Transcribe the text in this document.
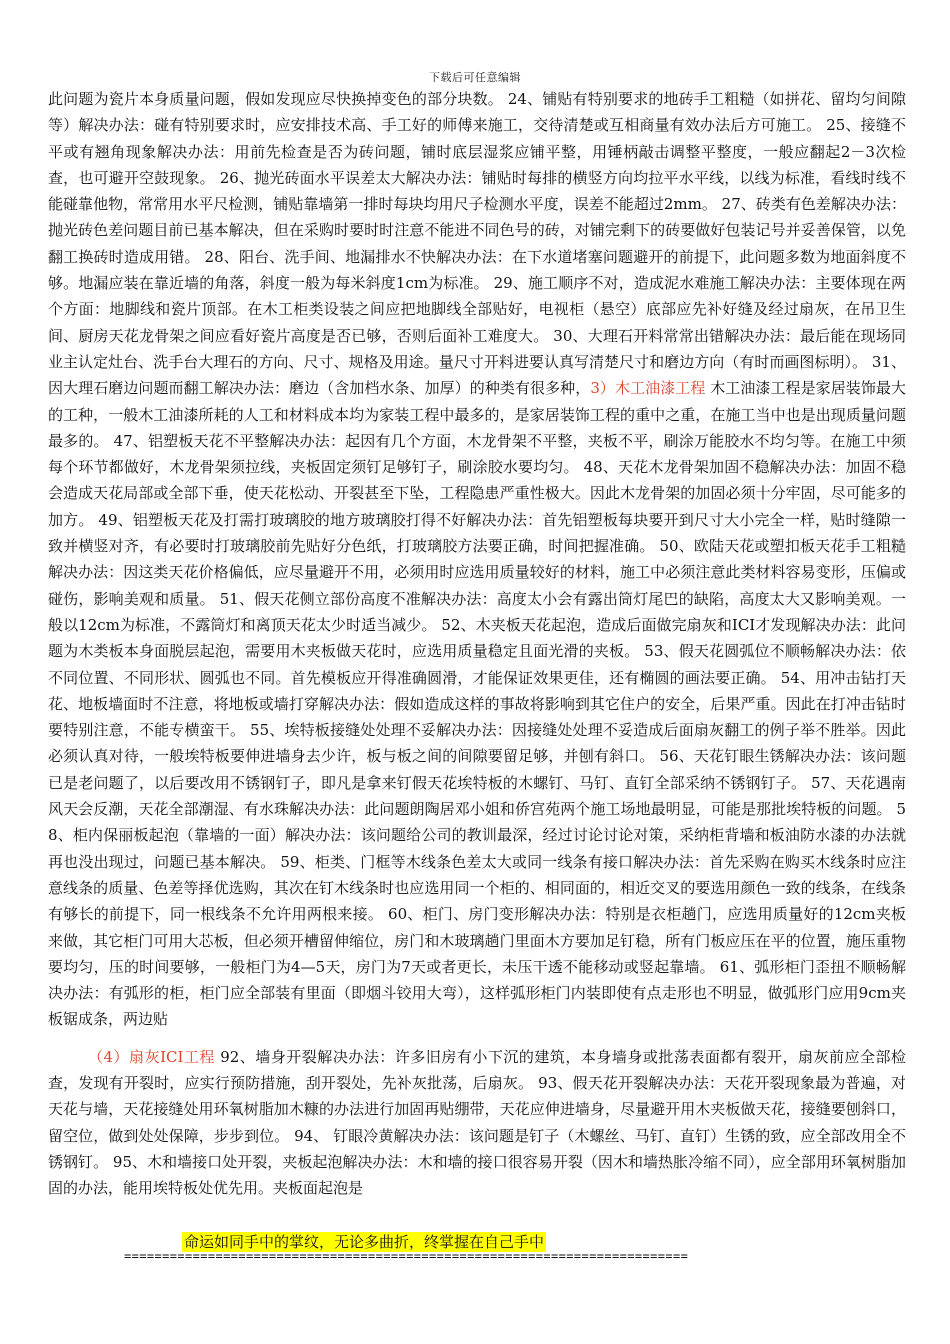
下载后可任意编辑

此问题为瓷片本身质量问题，假如发现应尽快换掉变色的部分块数。 24、铺贴有特别要求的地砖手工粗糙（如拼花、留均匀间隙等）解决办法：碰有特别要求时，应安排技术高、手工好的师傅来施工，交待清楚或互相商量有效办法后方可施工。 25、接缝不平或有翘角现象解决办法：用前先检查是否为砖问题，铺时底层湿浆应铺平整，用锤柄敲击调整平整度，一般应翻起2－3次检查，也可避开空鼓现象。 26、抛光砖面水平误差太大解决办法：铺贴时每排的横竖方向均拉平水平线，以线为标准，看线时线不能碰靠他物，常常用水平尺检测，铺贴靠墙第一排时每块均用尺子检测水平度，误差不能超过2mm。 27、砖类有色差解决办法：抛光砖色差问题目前已基本解决，但在采购时要时时注意不能进不同色号的砖，对铺完剩下的砖要做好包装记号并妥善保管，以免翻工换砖时造成用错。 28、阳台、洗手间、地漏排水不快解决办法：在下水道堵塞问题避开的前提下，此问题多数为地面斜度不够。地漏应装在靠近墙的角落，斜度一般为每米斜度1cm为标准。 29、施工顺序不对，造成泥水难施工解决办法：主要体现在两个方面：地脚线和瓷片顶部。在木工柜类设装之间应把地脚线全部贴好，电视柜（悬空）底部应先补好缝及经过扇灰，在吊卫生间、厨房天花龙骨架之间应看好瓷片高度是否已够，否则后面补工难度大。 30、大理石开料常常出错解决办法：最后能在现场同业主认定灶台、洗手台大理石的方向、尺寸、规格及用途。量尺寸开料进要认真写清楚尺寸和磨边方向（有时而画图标明）。 31、因大理石磨边问题而翻工解决办法：磨边（含加档水条、加厚）的种类有很多种，3）木工油漆工程 木工油漆工程是家居装饰最大的工种，一般木工油漆所耗的人工和材料成本均为家装工程中最多的，是家居装饰工程的重中之重，在施工当中也是出现质量问题最多的。 47、铝塑板天花不平整解决办法：起因有几个方面，木龙骨架不平整，夹板不平，刷涂万能胶水不均匀等。在施工中须每个环节都做好，木龙骨架须拉线，夹板固定须钉足够钉子，刷涂胶水要均匀。 48、天花木龙骨架加固不稳解决办法：加固不稳会造成天花局部或全部下垂，使天花松动、开裂甚至下坠，工程隐患严重性极大。因此木龙骨架的加固必须十分牢固，尽可能多的加方。 49、铝塑板天花及打需打玻璃胶的地方玻璃胶打得不好解决办法：首先铝塑板每块要开到尺寸大小完全一样，贴时缝隙一致并横竖对齐，有必要时打玻璃胶前先贴好分色纸，打玻璃胶方法要正确，时间把握准确。 50、欧陆天花或塑扣板天花手工粗糙解决办法：因这类天花价格偏低，应尽量避开不用，必须用时应选用质量较好的材料，施工中必须注意此类材料容易变形，压偏或碰伤，影响美观和质量。 51、假天花侧立部份高度不准解决办法：高度太小会有露出筒灯尾巴的缺陷，高度太大又影响美观。一般以12cm为标准，不露筒灯和离顶天花太少时适当减少。 52、木夹板天花起泡，造成后面做完扇灰和ICI才发现解决办法：此问题为木类板本身面脱层起泡，需要用木夹板做天花时，应选用质量稳定且面光滑的夹板。 53、假天花圆弧位不顺畅解决办法：依不同位置、不同形状、圆弧也不同。首先模板应开得准确圆滑，才能保证效果更佳，还有椭圆的画法要正确。 54、用冲击钻打天花、地板墙面时不注意，将地板或墙打穿解决办法：假如造成这样的事故将影响到其它住户的安全，后果严重。因此在打冲击钻时要特别注意，不能专横蛮干。 55、埃特板接缝处处理不妥解决办法：因接缝处处理不妥造成后面扇灰翻工的例子举不胜举。因此必须认真对待，一般埃特板要伸进墙身去少许，板与板之间的间隙要留足够，并刨有斜口。 56、天花钉眼生锈解决办法：该问题已是老问题了，以后要改用不锈钢钉子，即凡是拿来钉假天花埃特板的木螺钉、马钉、直钉全部采纳不锈钢钉子。 57、天花遇南风天会反潮，天花全部潮湿、有水珠解决办法：此问题朗陶居邓小姐和侨宫苑两个施工场地最明显，可能是那批埃特板的问题。 58、柜内保丽板起泡（靠墙的一面）解决办法：该问题给公司的教训最深，经过讨论讨论对策，采纳柜背墙和板油防水漆的办法就再也没出现过，问题已基本解决。 59、柜类、门框等木线条色差太大或同一线条有接口解决办法：首先采购在购买木线条时应注意线条的质量、色差等择优选购，其次在钉木线条时也应选用同一个柜的、相同面的，相近交叉的要选用颜色一致的线条，在线条有够长的前提下，同一根线条不允许用两根来接。 60、柜门、房门变形解决办法：特别是衣柜趟门，应选用质量好的12cm夹板来做，其它柜门可用大芯板，但必须开槽留伸缩位，房门和木玻璃趟门里面木方要加足钉稳，所有门板应压在平的位置，施压重物要均匀，压的时间要够，一般柜门为4—5天，房门为7天或者更长，未压干透不能移动或竖起靠墙。 61、弧形柜门歪扭不顺畅解决办法：有弧形的柜，柜门应全部装有里面（即烟斗铰用大弯），这样弧形柜门内装即使有点走形也不明显，做弧形门应用9cm夹板锯成条，两边贴

（4）扇灰ICI工程 92、墙身开裂解决办法：许多旧房有小下沉的建筑，本身墙身或批荡表面都有裂开，扇灰前应全部检查，发现有开裂时，应实行预防措施，刮开裂处，先补灰批荡，后扇灰。 93、假天花开裂解决办法：天花开裂现象最为普遍，对天花与墙，天花接缝处用环氧树脂加木糠的办法进行加固再贴绷带，天花应伸进墙身，尽量避开用木夹板做天花，接缝要刨斜口，留空位，做到处处保障，步步到位。 94、 钉眼冷黄解决办法：该问题是钉子（木螺丝、马钉、直钉）生锈的致，应全部改用全不锈钢钉。 95、木和墙接口处开裂，夹板起泡解决办法：木和墙的接口很容易开裂（因木和墙热胀冷缩不同），应全部用环氧树脂加固的办法，能用埃特板处优先用。夹板面起泡是

命运如同手中的掌纹，无论多曲折，终掌握在自己手中
==========================================================================
